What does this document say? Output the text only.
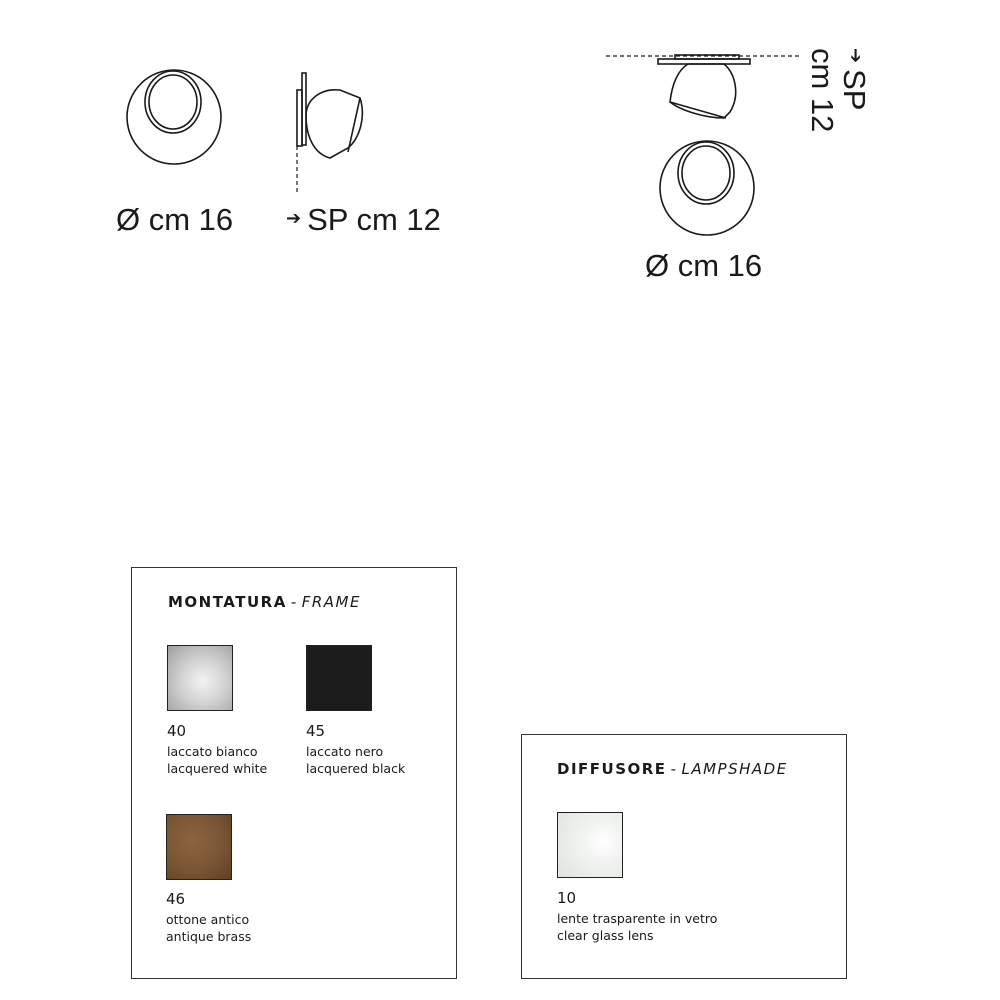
Ø cm 16	➔ SP cm 12
➔SP
cm 12
Ø cm 16
MONTATURA - FRAME
40
laccato bianco
lacquered white
45
laccato nero
lacquered black
46
ottone antico
antique brass
DIFFUSORE - LAMPSHADE
10
lente trasparente in vetro
clear glass lens
